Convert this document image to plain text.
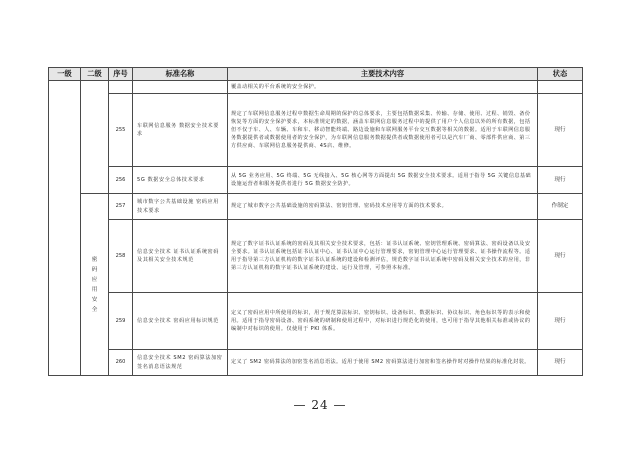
一级	二级	序号	标准名称	主要技术内容	状态

				覆盖动相关的平台系统的安全保护。	

		255	车联网信息服务 数据安全技术要求	规定了车联网信息服务过程中数据生命周期的保护的总体要求，主要包括数据采集、传输、存储、使用、过程、销毁、备份恢复等方面的安全保护要求，本标准规定的数据，涵盖车联网信息服务过程中的提供了用户个人信息以外的所有数据，包括但不仅于车、人、车辆、车和车、移动智能终端、路边设施和车联网服务平台交互数据等相关的数据。适用于车联网信息服务数据提供者或数据使用者的安全保护，为车联网信息服务数据提供者或数据使用者可以是汽车厂商、零部件供应商、第三方供应商、车联网信息服务提供商、4S店、维修。	现行
		256	5G 数据安全总体技术要求	从 5G 业务应用、5G 终端、5G 无线接入、5G 核心网等方面提出 5G 数据安全技术要求。适用于指导 5G 关键信息基础设施运营者和服务提供者进行 5G 数据安全防护。	现行
	密码应用安全	257	城市数字公共基础设施 密码应用技术要求	规定了城市数字公共基础设施的密码算法、密钥管理、密码技术应用等方面的技术要求。	作制定
		258	信息安全技术 证书认证系统密码及其相关安全技术规范	规定了数字证书认证系统的密码及其相关安全技术要求，包括：证书认证系统、密钥管理系统、密码算法、密码设备以及安全要求。证书认证系统包括证书认证中心、证书认证中心运行管理要求，密钥管理中心运行管理要求、证书操作流程等。适用于指导第三方认证机构的数字证书认证系统的建设和检测评估，规范数字证书认证系统中密码及相关安全技术的应用，非第三方认证机构的数字证书认证系统的建设、运行及管理，可参照本标准。	现行
		259	信息安全技术 密码应用标识规范	定义了密码应用中所使用的标识，用于规范算法标识、密钥标识、设备标识、数据标识、协议标识、角色标识等的表示和使用。适用于指导密码设备、密码系统的研制和使用过程中，对标识进行规范化的使用，也可用于指导其他相关标准或协议的编制中对标识的使用。仅使用于 PKI 体系。	现行
		260	信息安全技术 SM2 密码算法加密签名消息语法规范	定义了 SM2 密码算法的加密签名消息语法。适用于使用 SM2 密码算法进行加密和签名操作时对操作结果的标准化封装。	现行
— 24 —
